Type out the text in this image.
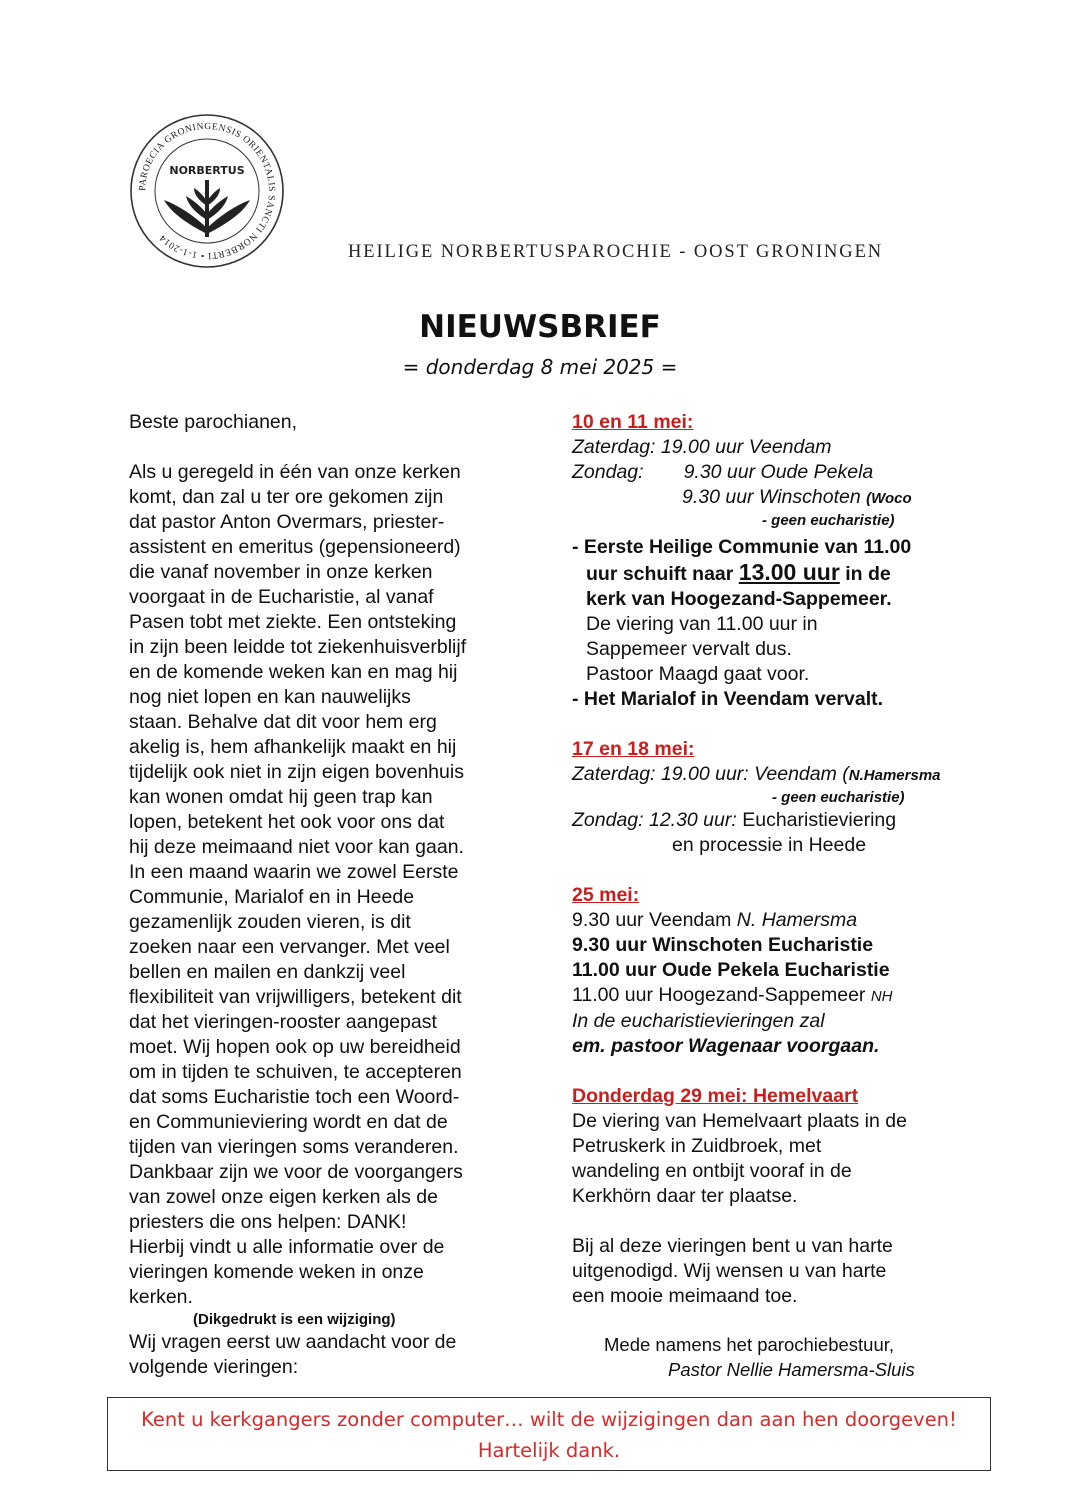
PAROECIA GRONINGENSIS ORIENTALIS SANCTI NORBERTI • 1-1-2014
NORBERTUS
HEILIGE NORBERTUSPAROCHIE - OOST GRONINGEN
NIEUWSBRIEF
= donderdag 8 mei 2025 =
Beste parochianen,
Als u geregeld in één van onze kerken
komt, dan zal u ter ore gekomen zijn
dat pastor Anton Overmars, priester-
assistent en emeritus (gepensioneerd)
die vanaf november in onze kerken
voorgaat in de Eucharistie, al vanaf
Pasen tobt met ziekte. Een ontsteking
in zijn been leidde tot ziekenhuisverblijf
en de komende weken kan en mag hij
nog niet lopen en kan nauwelijks
staan. Behalve dat dit voor hem erg
akelig is, hem afhankelijk maakt en hij
tijdelijk ook niet in zijn eigen bovenhuis
kan wonen omdat hij geen trap kan
lopen, betekent het ook voor ons dat
hij deze meimaand niet voor kan gaan.
In een maand waarin we zowel Eerste
Communie, Marialof en in Heede
gezamenlijk zouden vieren, is dit
zoeken naar een vervanger. Met veel
bellen en mailen en dankzij veel
flexibiliteit van vrijwilligers, betekent dit
dat het vieringen-rooster aangepast
moet. Wij hopen ook op uw bereidheid
om in tijden te schuiven, te accepteren
dat soms Eucharistie toch een Woord-
en Communieviering wordt en dat de
tijden van vieringen soms veranderen.
Dankbaar zijn we voor de voorgangers
van zowel onze eigen kerken als de
priesters die ons helpen: DANK!
Hierbij vindt u alle informatie over de
vieringen komende weken in onze
kerken.
(Dikgedrukt is een wijziging)
Wij vragen eerst uw aandacht voor de
volgende vieringen:
10 en 11 mei:
Zaterdag: 19.00 uur Veendam
Zondag: 9.30 uur Oude Pekela
9.30 uur Winschoten (Woco
- geen eucharistie)
- Eerste Heilige Communie van 11.00
uur schuift naar 13.00 uur in de
kerk van Hoogezand-Sappemeer.
De viering van 11.00 uur in
Sappemeer vervalt dus.
Pastoor Maagd gaat voor.
- Het Marialof in Veendam vervalt.
17 en 18 mei:
Zaterdag: 19.00 uur: Veendam (N.Hamersma
- geen eucharistie)
Zondag: 12.30 uur: Eucharistieviering
en processie in Heede
25 mei:
9.30 uur Veendam N. Hamersma
9.30 uur Winschoten Eucharistie
11.00 uur Oude Pekela Eucharistie
11.00 uur Hoogezand-Sappemeer NH
In de eucharistievieringen zal
em. pastoor Wagenaar voorgaan.
Donderdag 29 mei: Hemelvaart
De viering van Hemelvaart plaats in de
Petruskerk in Zuidbroek, met
wandeling en ontbijt vooraf in de
Kerkhörn daar ter plaatse.
Bij al deze vieringen bent u van harte
uitgenodigd. Wij wensen u van harte
een mooie meimaand toe.
Mede namens het parochiebestuur,
Pastor Nellie Hamersma-Sluis
Kent u kerkgangers zonder computer… wilt de wijzigingen dan aan hen doorgeven!
Hartelijk dank.
